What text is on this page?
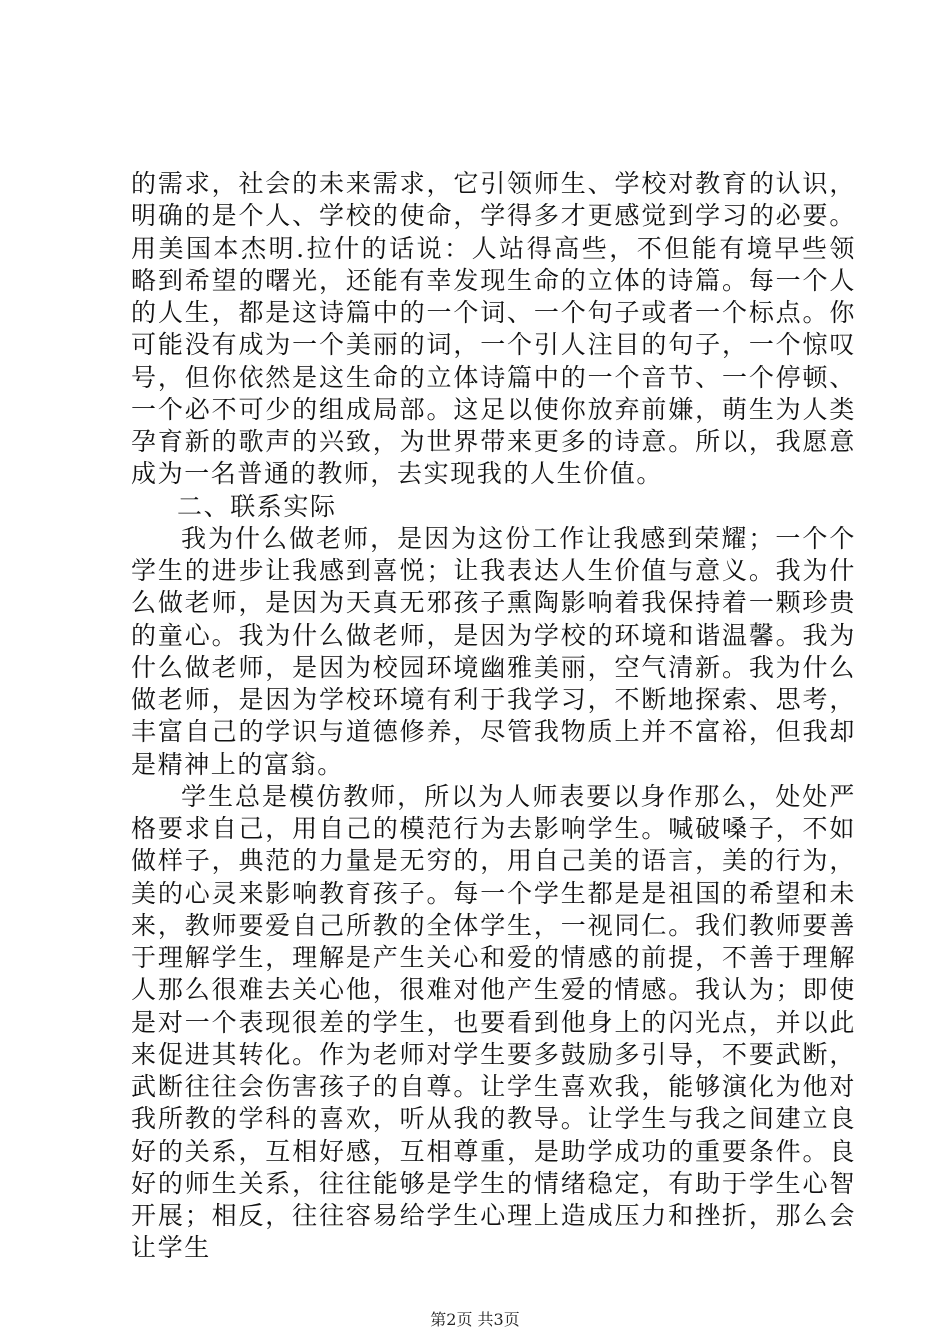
的需求，社会的未来需求，它引领师生、学校对教育的认识，明确的是个人、学校的使命，学得多才更感觉到学习的必要。用美国本杰明.拉什的话说：人站得高些，不但能有境早些领略到希望的曙光，还能有幸发现生命的立体的诗篇。每一个人的人生，都是这诗篇中的一个词、一个句子或者一个标点。你可能没有成为一个美丽的词，一个引人注目的句子，一个惊叹号，但你依然是这生命的立体诗篇中的一个音节、一个停顿、一个必不可少的组成局部。这足以使你放弃前嫌，萌生为人类孕育新的歌声的兴致，为世界带来更多的诗意。所以，我愿意成为一名普通的教师，去实现我的人生价值。

二、联系实际

我为什么做老师，是因为这份工作让我感到荣耀；一个个学生的进步让我感到喜悦；让我表达人生价值与意义。我为什么做老师，是因为天真无邪孩子熏陶影响着我保持着一颗珍贵的童心。我为什么做老师，是因为学校的环境和谐温馨。我为什么做老师，是因为校园环境幽雅美丽，空气清新。我为什么做老师，是因为学校环境有利于我学习，不断地探索、思考，丰富自己的学识与道德修养，尽管我物质上并不富裕，但我却是精神上的富翁。

学生总是模仿教师，所以为人师表要以身作那么，处处严格要求自己，用自己的模范行为去影响学生。喊破嗓子，不如做样子，典范的力量是无穷的，用自己美的语言，美的行为，美的心灵来影响教育孩子。每一个学生都是是祖国的希望和未来，教师要爱自己所教的全体学生，一视同仁。我们教师要善于理解学生，理解是产生关心和爱的情感的前提，不善于理解人那么很难去关心他，很难对他产生爱的情感。我认为；即使是对一个表现很差的学生，也要看到他身上的闪光点，并以此来促进其转化。作为老师对学生要多鼓励多引导，不要武断，武断往往会伤害孩子的自尊。让学生喜欢我，能够演化为他对我所教的学科的喜欢，听从我的教导。让学生与我之间建立良好的关系，互相好感，互相尊重，是助学成功的重要条件。良好的师生关系，往往能够是学生的情绪稳定，有助于学生心智开展；相反，往往容易给学生心理上造成压力和挫折，那么会让学生

第2页 共3页
